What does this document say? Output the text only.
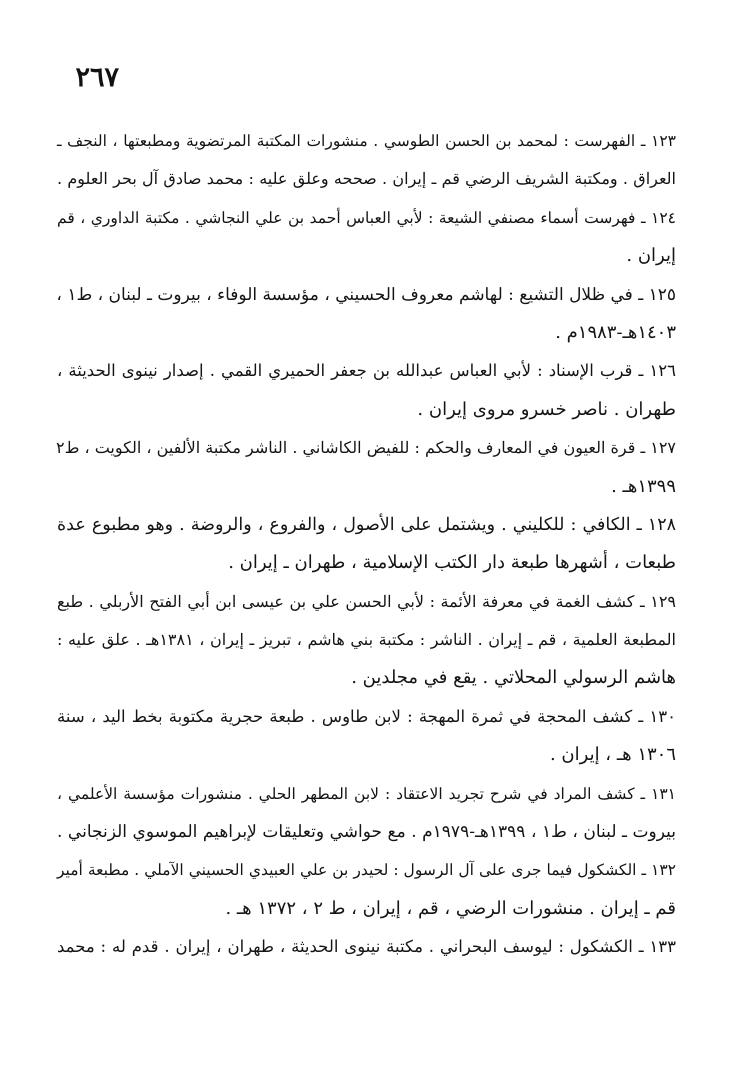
٢٦٧
١٢٣ ـ الفهرست : لمحمد بن الحسن الطوسي . منشورات المكتبة المرتضوية ومطبعتها ، النجف ـ
العراق . ومكتبة الشريف الرضي قم ـ إيران . صححه وعلق عليه : محمد صادق آل بحر العلوم .
١٢٤ ـ فهرست أسماء مصنفي الشيعة : لأبي العباس أحمد بن علي النجاشي . مكتبة الداوري ، قم
إيران .
١٢٥ ـ في ظلال التشيع : لهاشم معروف الحسيني ، مؤسسة الوفاء ، بيروت ـ لبنان ، ط١ ،
١٤٠٣هـ-١٩٨٣م .
١٢٦ ـ قرب الإسناد : لأبي العباس عبدالله بن جعفر الحميري القمي . إصدار نينوى الحديثة ،
طهران . ناصر خسرو مروى إيران .
١٢٧ ـ قرة العيون في المعارف والحكم : للفيض الكاشاني . الناشر مكتبة الألفين ، الكويت ، ط٢
١٣٩٩هـ .
١٢٨ ـ الكافي : للكليني . ويشتمل على الأصول ، والفروع ، والروضة . وهو مطبوع عدة
طبعات ، أشهرها طبعة دار الكتب الإسلامية ، طهران ـ إيران .
١٢٩ ـ كشف الغمة في معرفة الأئمة : لأبي الحسن علي بن عيسى ابن أبي الفتح الأربلي . طبع
المطبعة العلمية ، قم ـ إيران . الناشر : مكتبة بني هاشم ، تبريز ـ إيران ، ١٣٨١هـ . علق عليه :
هاشم الرسولي المحلاتي . يقع في مجلدين .
١٣٠ ـ كشف المحجة في ثمرة المهجة : لابن طاوس . طبعة حجرية مكتوبة بخط اليد ، سنة
١٣٠٦ هـ ، إيران .
١٣١ ـ كشف المراد في شرح تجريد الاعتقاد : لابن المطهر الحلي . منشورات مؤسسة الأعلمي ،
بيروت ـ لبنان ، ط١ ، ١٣٩٩هـ-١٩٧٩م . مع حواشي وتعليقات لإبراهيم الموسوي الزنجاني .
١٣٢ ـ الكشكول فيما جرى على آل الرسول : لحيدر بن علي العبيدي الحسيني الآملي . مطبعة أمير
قم ـ إيران . منشورات الرضي ، قم ، إيران ، ط ٢ ، ١٣٧٢ هـ .
١٣٣ ـ الكشكول : ليوسف البحراني . مكتبة نينوى الحديثة ، طهران ، إيران . قدم له : محمد
